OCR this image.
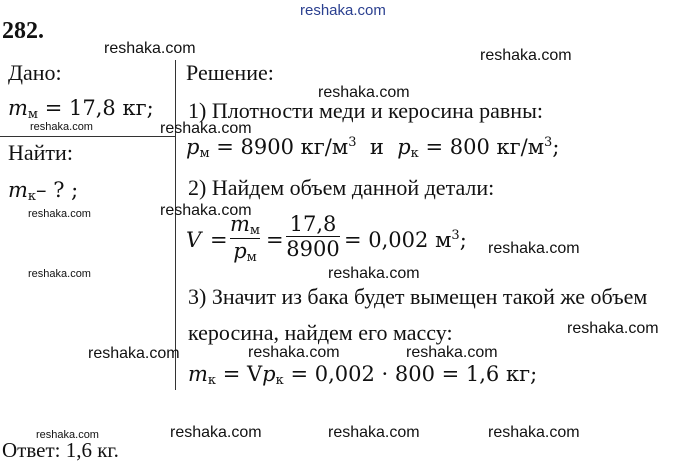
reshaka.com
282.
Дано:
$m_м = 17,8$ кг;
Найти:
$m_к-$ ? ;
Решение:
1) Плотности меди и керосина равны:
$p_м = 8900$ $кг/м^3$ и $p_к = 800$ $кг/м^3$;
2) Найдем объем данной детали:
V =
$m_м$
$p_м$
=
17,8
8900 = 0,002 $м^3$;
3) Значит из бака будет вымещен такой же объем
керосина, найдем его массу:
$m_к = Vp_к = 0,002 \cdot 800 = 1,6$ кг;
Ответ: 1,6 кг.
reshaka.com	reshaka.com
reshaka.com
reshaka.com	reshaka.com
reshaka.com	reshaka.com
reshaka.com
reshaka.com	reshaka.com
reshaka.com
reshaka.com	reshaka.com	reshaka.com
reshaka.com	reshaka.com	reshaka.com	reshaka.com
